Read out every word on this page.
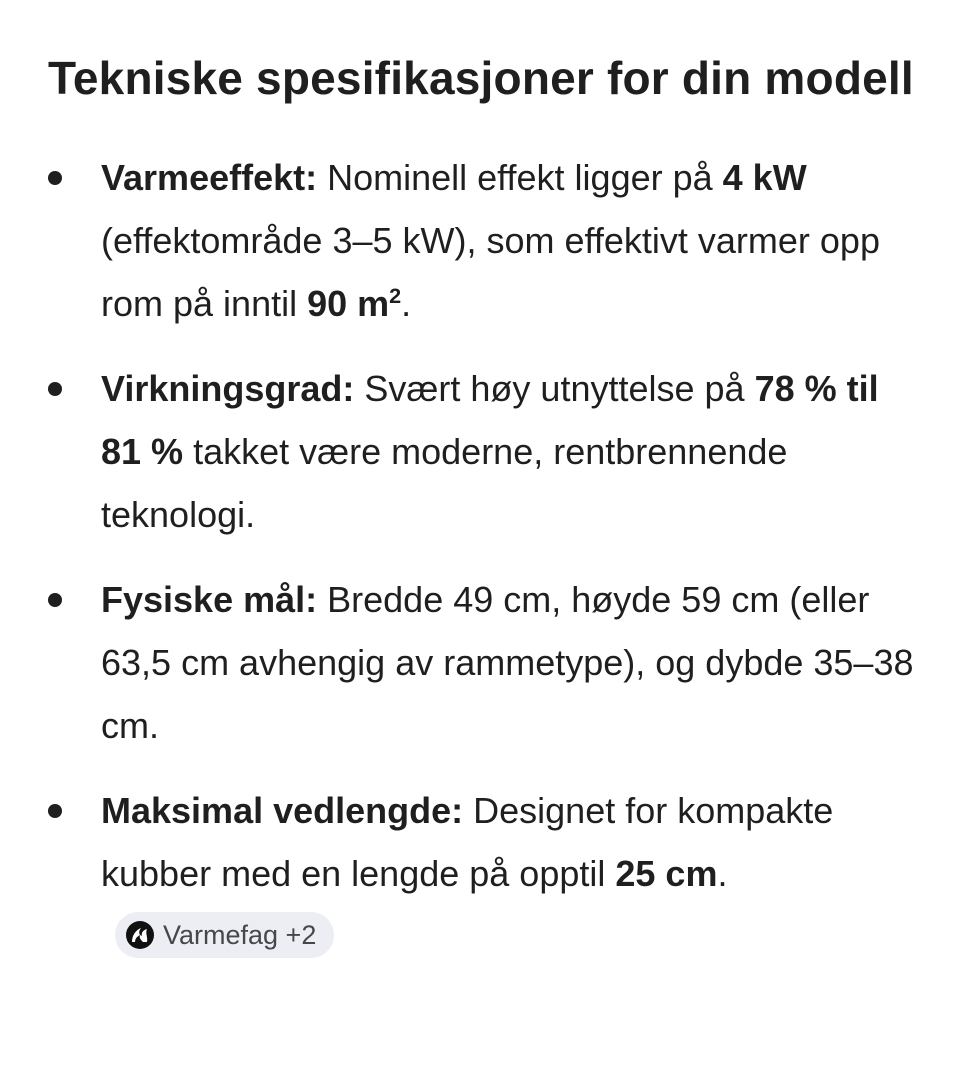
Tekniske spesifikasjoner for din modell
Varmeeffekt: Nominell effekt ligger på 4 kW (effektområde 3–5 kW), som effektivt varmer opp rom på inntil 90 $m^2$.
Virkningsgrad: Svært høy utnyttelse på 78 % til 81 % takket være moderne, rentbrennende teknologi.
Fysiske mål: Bredde 49 cm, høyde 59 cm (eller 63,5 cm avhengig av rammetype), og dybde 35–38 cm.
Maksimal vedlengde: Designet for kompakte kubber med en lengde på opptil 25 cm.
Varmefag +2
